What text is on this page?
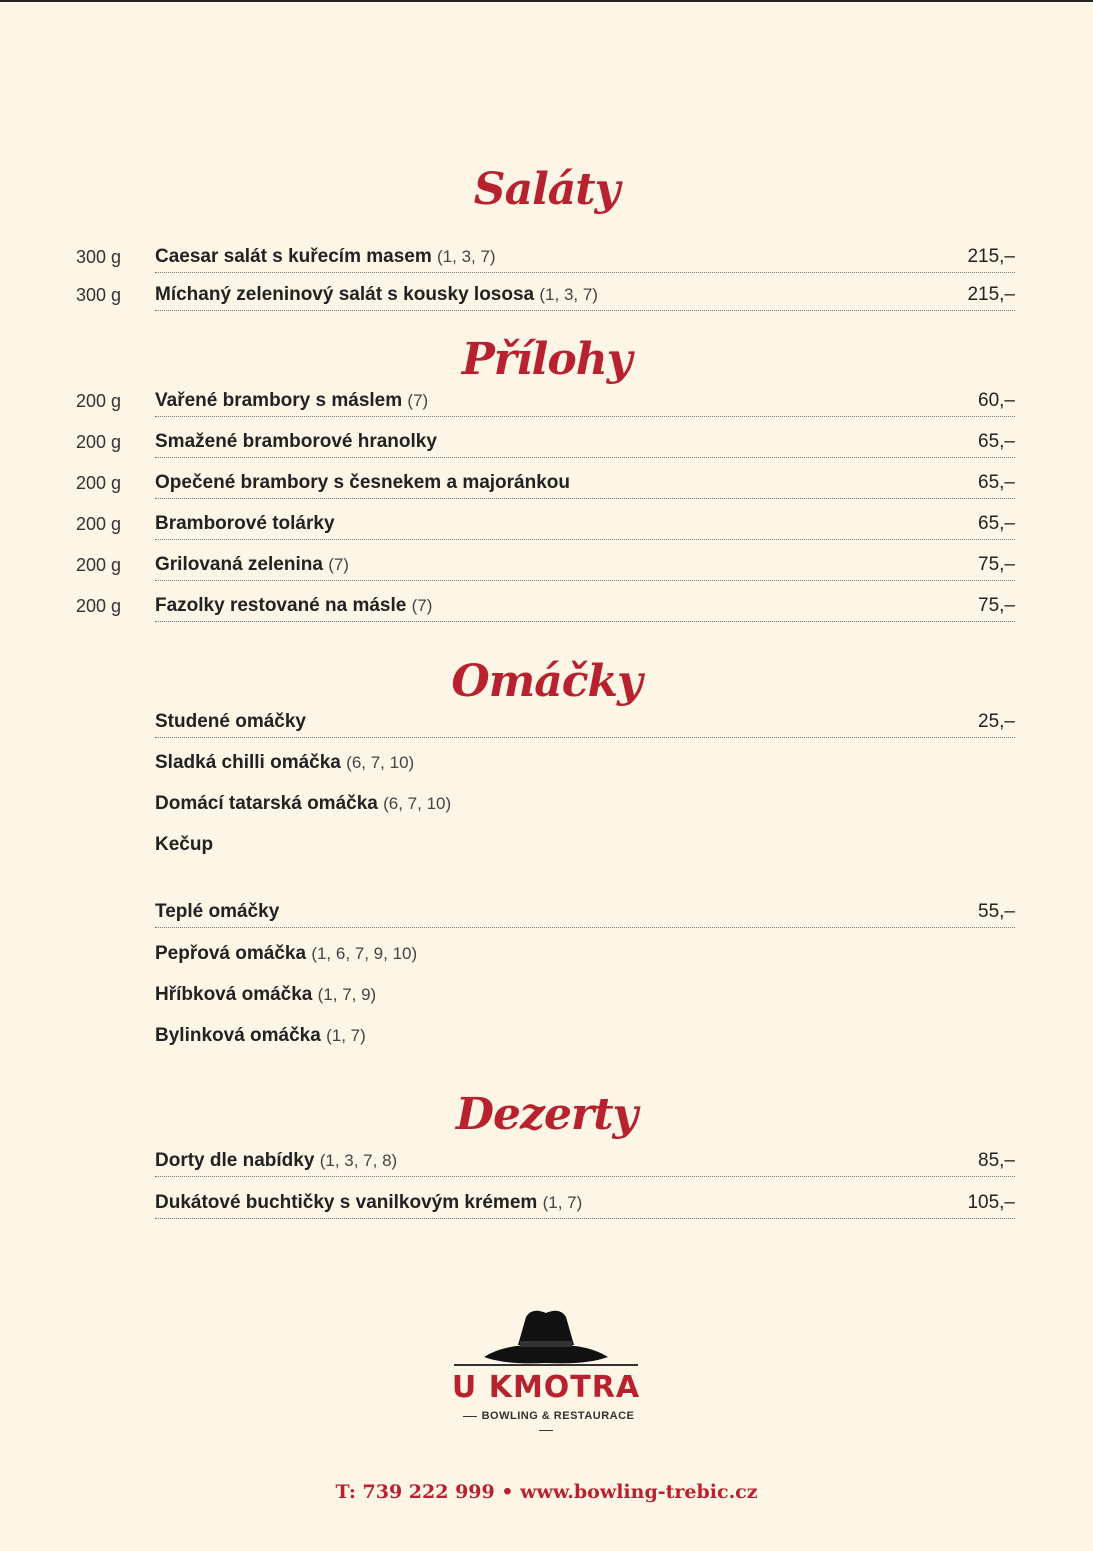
Saláty
300 g Caesar salát s kuřecím masem (1, 3, 7)	215,–
300 g Míchaný zeleninový salát s kousky lososa (1, 3, 7)	215,–
Přílohy
200 g Vařené brambory s máslem (7)	60,–
200 g Smažené bramborové hranolky	65,–
200 g Opečené brambory s česnekem a majoránkou	65,–
200 g Bramborové tolárky	65,–
200 g Grilovaná zelenina (7)	75,–
200 g Fazolky restované na másle (7)	75,–
Omáčky
Studené omáčky	25,–
Sladká chilli omáčka (6, 7, 10)
Domácí tatarská omáčka (6, 7, 10)
Kečup
Teplé omáčky	55,–
Pepřová omáčka (1, 6, 7, 9, 10)
Hříbková omáčka (1, 7, 9)
Bylinková omáčka (1, 7)
Dezerty
Dorty dle nabídky (1, 3, 7, 8)	85,–
Dukátové buchtičky s vanilkovým krémem (1, 7)	105,–
U KMOTRA
BOWLING & RESTAURACE
T: 739 222 999 • www.bowling-trebic.cz
